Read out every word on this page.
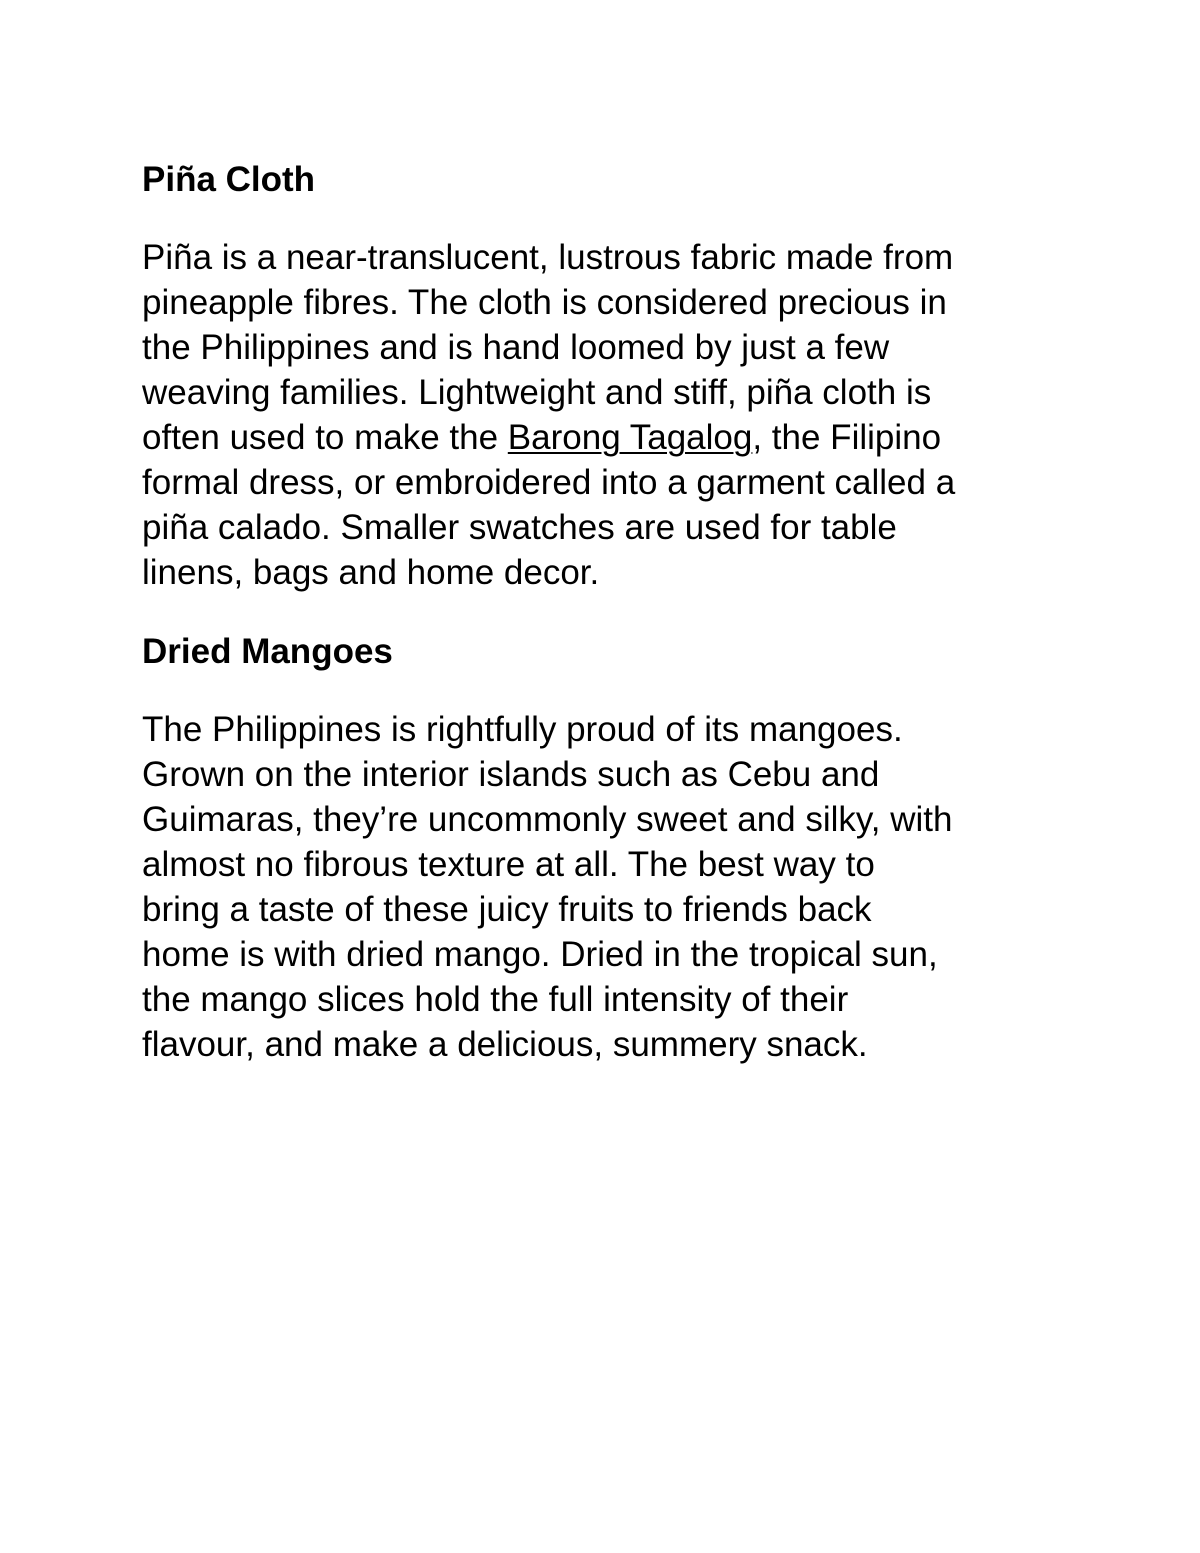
Piña Cloth

Piña is a near-translucent, lustrous fabric made from
pineapple fibres. The cloth is considered precious in
the Philippines and is hand loomed by just a few
weaving families. Lightweight and stiff, piña cloth is
often used to make the Barong Tagalog, the Filipino
formal dress, or embroidered into a garment called a
piña calado. Smaller swatches are used for table
linens, bags and home decor.

Dried Mangoes

The Philippines is rightfully proud of its mangoes.
Grown on the interior islands such as Cebu and
Guimaras, they’re uncommonly sweet and silky, with
almost no fibrous texture at all. The best way to
bring a taste of these juicy fruits to friends back
home is with dried mango. Dried in the tropical sun,
the mango slices hold the full intensity of their
flavour, and make a delicious, summery snack.
